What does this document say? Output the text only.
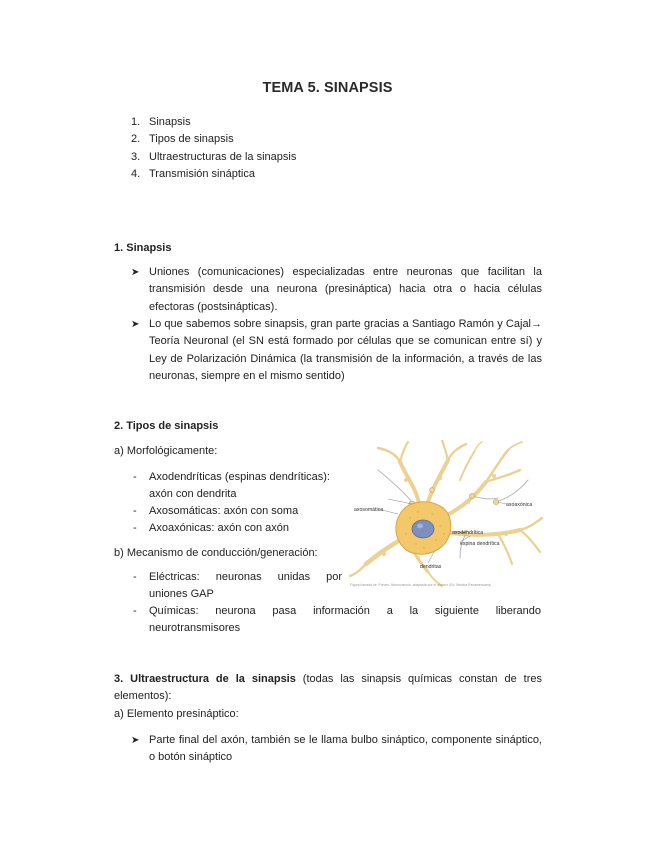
TEMA 5. SINAPSIS
1. Sinapsis
2. Tipos de sinapsis
3. Ultraestructuras de la sinapsis
4. Transmisión sináptica
1. Sinapsis
➤ Uniones (comunicaciones) especializadas entre neuronas que facilitan la transmisión desde una neurona (presináptica) hacia otra o hacia células efectoras (postsinápticas).
➤ Lo que sabemos sobre sinapsis, gran parte gracias a Santiago Ramón y Cajal→ Teoría Neuronal (el SN está formado por células que se comunican entre sí) y Ley de Polarización Dinámica (la transmisión de la información, a través de las neuronas, siempre en el mismo sentido)
2. Tipos de sinapsis
a) Morfológicamente:
- Axodendríticas (espinas dendríticas):
axón con dendrita
- Axosomáticas: axón con soma
- Axoaxónicas: axón con axón
b) Mecanismo de conducción/generación:
- Eléctricas: neuronas unidas por
uniones GAP
- Químicas: neurona pasa información a la siguiente liberando
neurotransmisores
axosomática
axoaxónica
axodendrítica
espina dendrítica
dendritas
Figura tomada de: Purves, Neurociencia, adaptada por el alumno (Ed. Medica Panamericana)
3. Ultraestructura de la sinapsis (todas las sinapsis químicas constan de tres
elementos):
a) Elemento presináptico:
➤ Parte final del axón, también se le llama bulbo sináptico, componente sináptico, o botón sináptico
